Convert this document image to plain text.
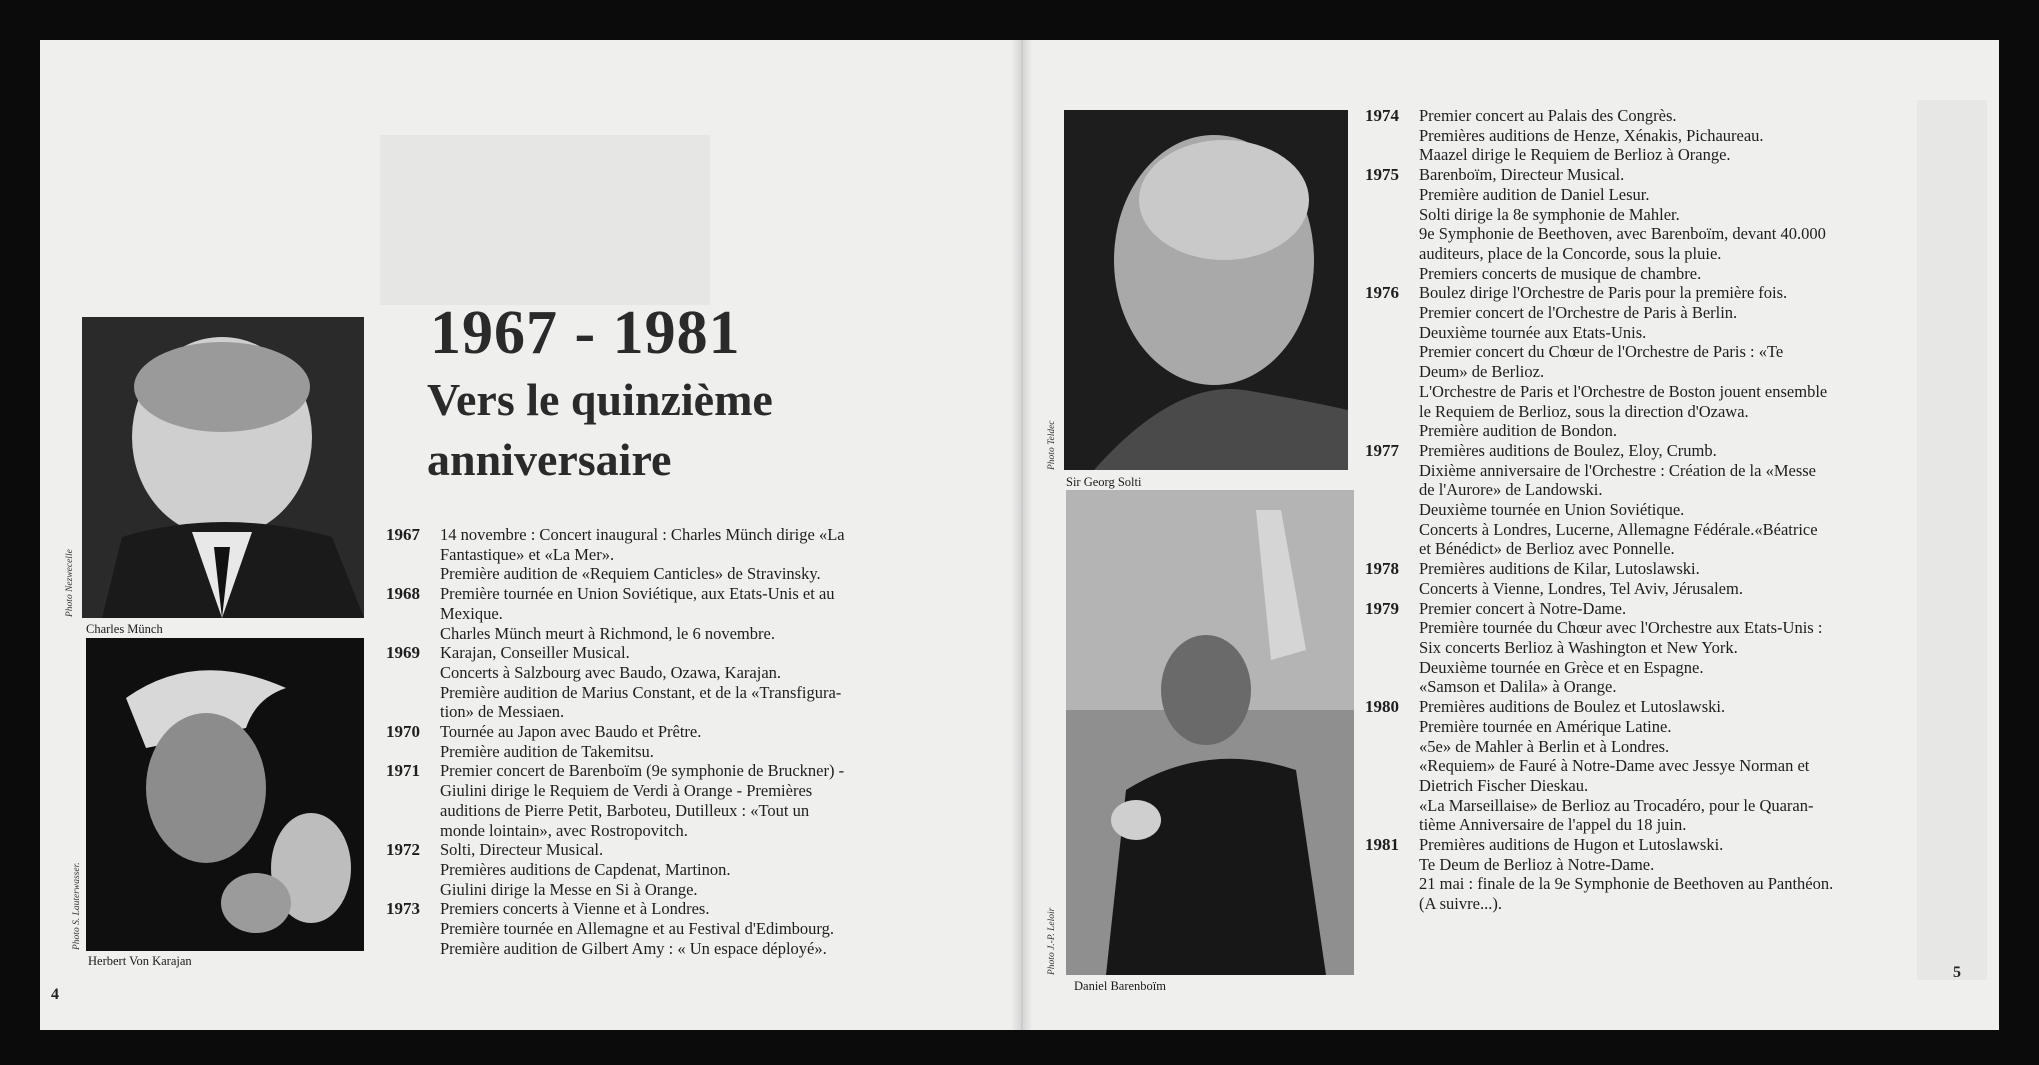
Photo Nezwecelle
Charles Münch
Photo S. Lauterwasser.
Herbert Von Karajan
1967 - 1981
Vers le quinzième anniversaire
1967 14 novembre : Concert inaugural : Charles Münch dirige «La
Fantastique» et «La Mer».
Première audition de «Requiem Canticles» de Stravinsky.
1968 Première tournée en Union Soviétique, aux Etats-Unis et au
Mexique.
Charles Münch meurt à Richmond, le 6 novembre.
1969 Karajan, Conseiller Musical.
Concerts à Salzbourg avec Baudo, Ozawa, Karajan.
Première audition de Marius Constant, et de la «Transfigura-
tion» de Messiaen.
1970 Tournée au Japon avec Baudo et Prêtre.
Première audition de Takemitsu.
1971 Premier concert de Barenboïm (9e symphonie de Bruckner) -
Giulini dirige le Requiem de Verdi à Orange - Premières
auditions de Pierre Petit, Barboteu, Dutilleux : «Tout un
monde lointain», avec Rostropovitch.
1972 Solti, Directeur Musical.
Premières auditions de Capdenat, Martinon.
Giulini dirige la Messe en Si à Orange.
1973 Premiers concerts à Vienne et à Londres.
Première tournée en Allemagne et au Festival d'Edimbourg.
Première audition de Gilbert Amy : « Un espace déployé».
4
Photo Teldec
Sir Georg Solti
Photo J.-P. Leloir
Daniel Barenboïm
1974 Premier concert au Palais des Congrès.
Premières auditions de Henze, Xénakis, Pichaureau.
Maazel dirige le Requiem de Berlioz à Orange.
1975 Barenboïm, Directeur Musical.
Première audition de Daniel Lesur.
Solti dirige la 8e symphonie de Mahler.
9e Symphonie de Beethoven, avec Barenboïm, devant 40.000
auditeurs, place de la Concorde, sous la pluie.
Premiers concerts de musique de chambre.
1976 Boulez dirige l'Orchestre de Paris pour la première fois.
Premier concert de l'Orchestre de Paris à Berlin.
Deuxième tournée aux Etats-Unis.
Premier concert du Chœur de l'Orchestre de Paris : «Te
Deum» de Berlioz.
L'Orchestre de Paris et l'Orchestre de Boston jouent ensemble
le Requiem de Berlioz, sous la direction d'Ozawa.
Première audition de Bondon.
1977 Premières auditions de Boulez, Eloy, Crumb.
Dixième anniversaire de l'Orchestre : Création de la «Messe
de l'Aurore» de Landowski.
Deuxième tournée en Union Soviétique.
Concerts à Londres, Lucerne, Allemagne Fédérale.«Béatrice
et Bénédict» de Berlioz avec Ponnelle.
1978 Premières auditions de Kilar, Lutoslawski.
Concerts à Vienne, Londres, Tel Aviv, Jérusalem.
1979 Premier concert à Notre-Dame.
Première tournée du Chœur avec l'Orchestre aux Etats-Unis :
Six concerts Berlioz à Washington et New York.
Deuxième tournée en Grèce et en Espagne.
«Samson et Dalila» à Orange.
1980 Premières auditions de Boulez et Lutoslawski.
Première tournée en Amérique Latine.
«5e» de Mahler à Berlin et à Londres.
«Requiem» de Fauré à Notre-Dame avec Jessye Norman et
Dietrich Fischer Dieskau.
«La Marseillaise» de Berlioz au Trocadéro, pour le Quaran-
tième Anniversaire de l'appel du 18 juin.
1981 Premières auditions de Hugon et Lutoslawski.
Te Deum de Berlioz à Notre-Dame.
21 mai : finale de la 9e Symphonie de Beethoven au Panthéon.
(A suivre...).
5
